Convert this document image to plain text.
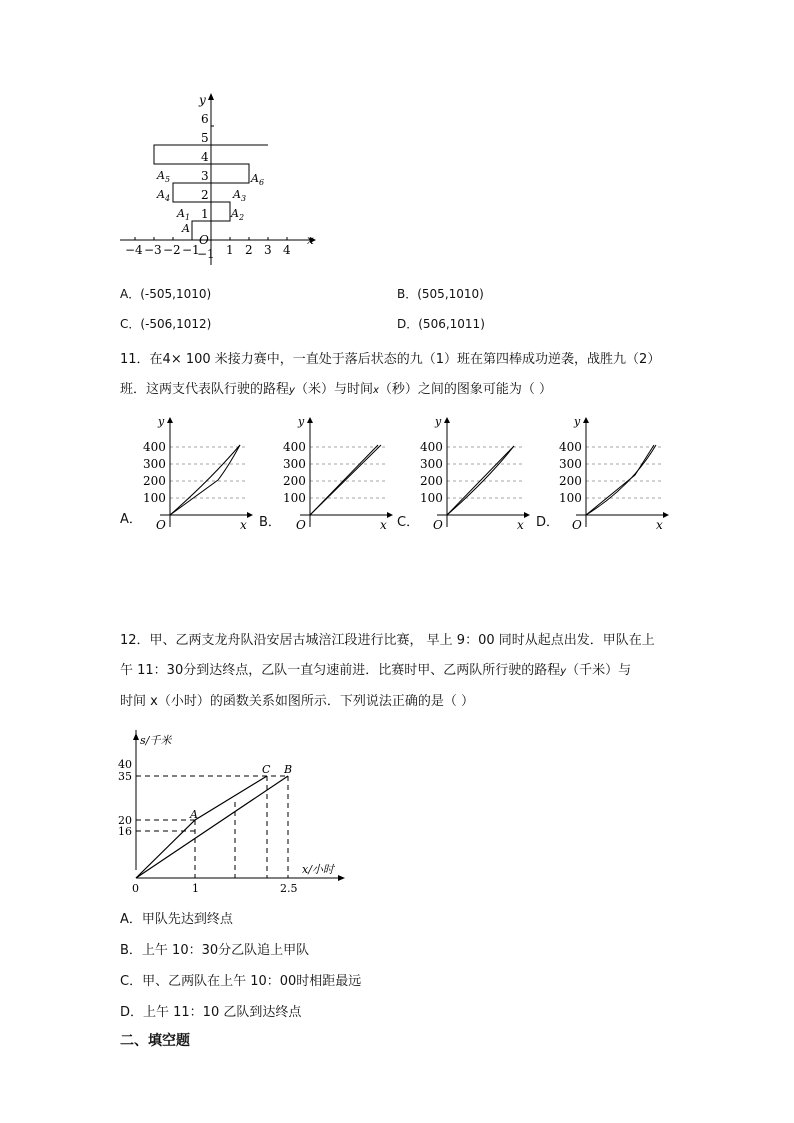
−4 −3 −2 −1 1 2 3 4
1
2
3
4
5
6
−1
O	x
y
A
$A_1$	$A_2$
$A_3$
$A_4$
$A_5$	$A_6$
A．(-505,1010)	B．(505,1010)
C．(-506,1012)	D．(506,1011)
11．在4× 100 米接力赛中，一直处于落后状态的九（1）班在第四棒成功逆袭，战胜九（2）
班．这两支代表队行驶的路程y（米）与时间x（秒）之间的图象可能为（ ）
100
200
300
400
O	x
y
100
200
300
400
O	x
y
100
200
300
400
O	x
y
100
200
300
400
O	x
y
A．	B．	C．	D．
12．甲、乙两支龙舟队沿安居古城涪江段进行比赛， 早上 9：00 同时从起点出发．甲队在上
午 11：30分到达终点，乙队一直匀速前进．比赛时甲、乙两队所行驶的路程y（千米）与
时间 x（小时）的函数关系如图所示．下列说法正确的是（ ）
s/千米
x/小时
40
35
20
16
0	1	2.5
A
C B
A．甲队先达到终点
B．上午 10：30分乙队追上甲队
C．甲、乙两队在上午 10：00时相距最远
D．上午 11：10 乙队到达终点
二、填空题
